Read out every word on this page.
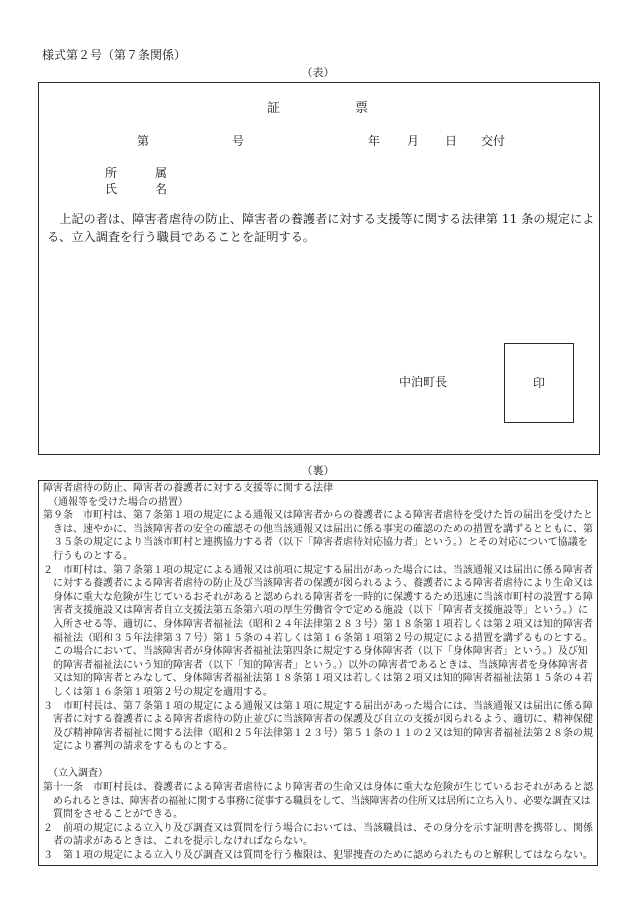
様式第２号（第７条関係）
（表）
証	票
第	号	年 月 日 交付
所	属
氏	名
　上記の者は、障害者虐待の防止、障害者の養護者に対する支援等に関する法律第 11 条の規定によ
る、立入調査を行う職員であることを証明する。
中泊町長	印
（裏）
障害者虐待の防止、障害者の養護者に対する支援等に関する法律
（通報等を受けた場合の措置）
第９条　市町村は、第７条第１項の規定による通報又は障害者からの養護者による障害者虐待を受けた旨の届出を受けたと
きは、速やかに、当該障害者の安全の確認その他当該通報又は届出に係る事実の確認のための措置を講ずるとともに、第
３５条の規定により当該市町村と連携協力する者（以下「障害者虐待対応協力者」という。）とその対応について協議を
行うものとする。
２　市町村は、第７条第１項の規定による通報又は前項に規定する届出があった場合には、当該通報又は届出に係る障害者
に対する養護者による障害者虐待の防止及び当該障害者の保護が図られるよう、養護者による障害者虐待により生命又は
身体に重大な危険が生じているおそれがあると認められる障害者を一時的に保護するため迅速に当該市町村の設置する障
害者支援施設又は障害者自立支援法第五条第六項の厚生労働省令で定める施設（以下「障害者支援施設等」という。）に
入所させる等、適切に、身体障害者福祉法（昭和２４年法律第２８３号）第１８条第１項若しくは第２項又は知的障害者
福祉法（昭和３５年法律第３７号）第１５条の４若しくは第１６条第１項第２号の規定による措置を講ずるものとする。
この場合において、当該障害者が身体障害者福祉法第四条に規定する身体障害者（以下「身体障害者」という。）及び知
的障害者福祉法にいう知的障害者（以下「知的障害者」という。）以外の障害者であるときは、当該障害者を身体障害者
又は知的障害者とみなして、身体障害者福祉法第１８条第１項又は若しくは第２項又は知的障害者福祉法第１５条の４若
しくは第１６条第１項第２号の規定を適用する。
３　市町村長は、第７条第１項の規定による通報又は第１項に規定する届出があった場合には、当該通報又は届出に係る障
害者に対する養護者による障害者虐待の防止並びに当該障害者の保護及び自立の支援が図られるよう、適切に、精神保健
及び精神障害者福祉に関する法律（昭和２５年法律第１２３号）第５１条の１１の２又は知的障害者福祉法第２８条の規
定により審判の請求をするものとする。
（立入調査）
第十一条　市町村長は、養護者による障害者虐待により障害者の生命又は身体に重大な危険が生じているおそれがあると認
められるときは、障害者の福祉に関する事務に従事する職員をして、当該障害者の住所又は居所に立ち入り、必要な調査又は
質問をさせることができる。
２　前項の規定による立入り及び調査又は質問を行う場合においては、当該職員は、その身分を示す証明書を携帯し、関係
者の請求があるときは、これを提示しなければならない。
３　第１項の規定による立入り及び調査又は質問を行う権限は、犯罪捜査のために認められたものと解釈してはならない。
